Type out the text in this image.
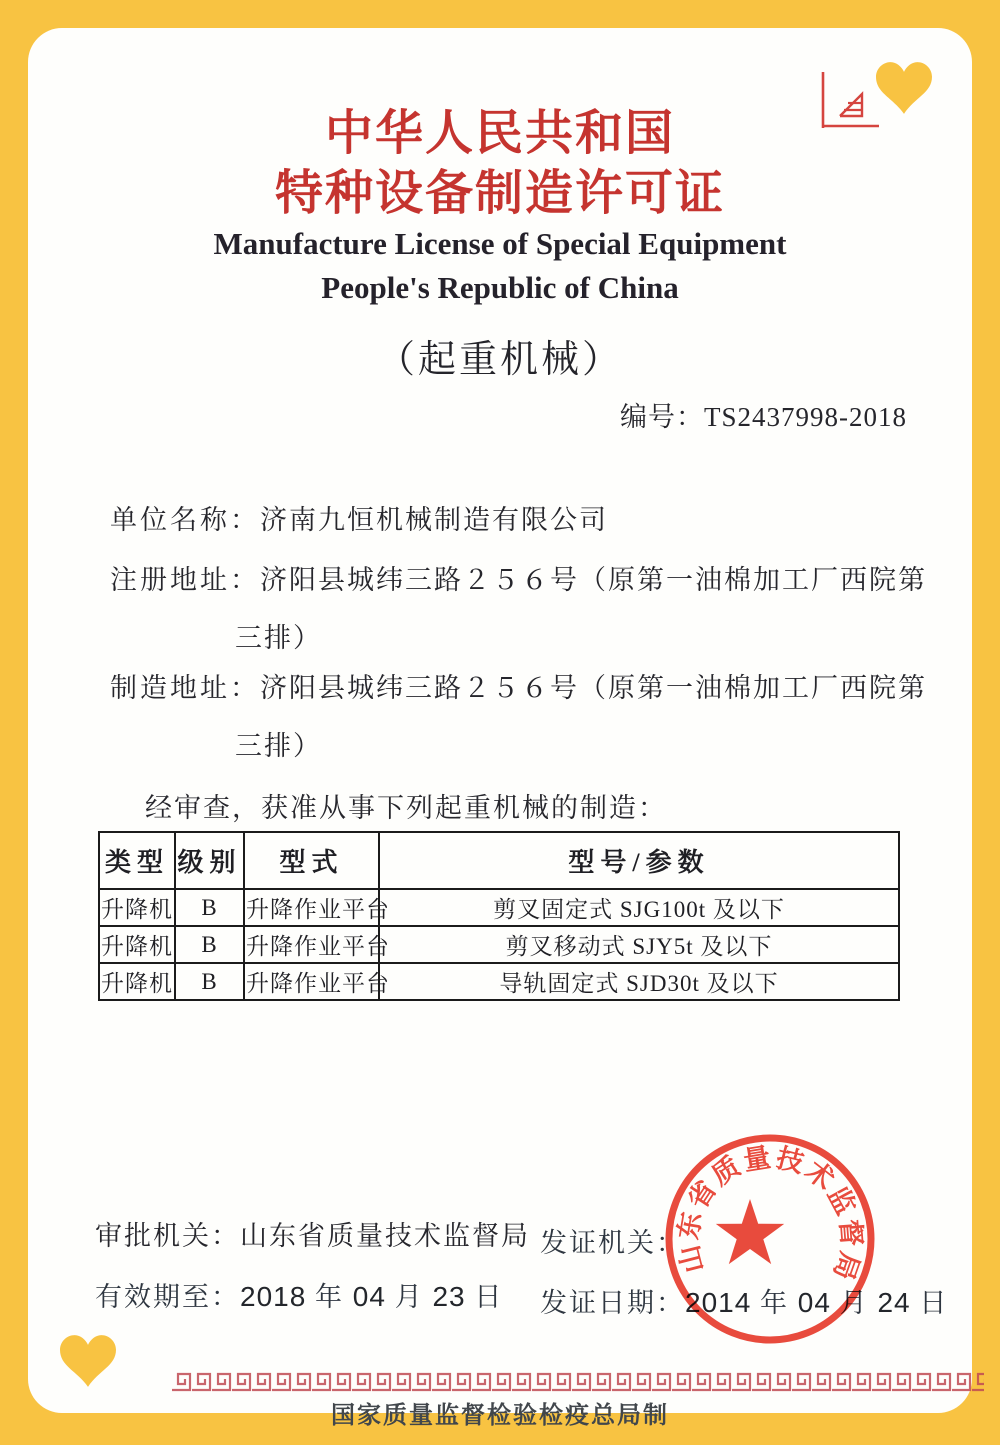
中华人民共和国
特种设备制造许可证
Manufacture License of Special Equipment
People's Republic of China
（起重机械）
编号：TS2437998-2018
单位名称：济南九恒机械制造有限公司
注册地址：济阳县城纬三路２５６号（原第一油棉加工厂西院第
三排）
制造地址：济阳县城纬三路２５６号（原第一油棉加工厂西院第
三排）
经审查，获准从事下列起重机械的制造：
类型	级别	型式	型号/参数
升降机	B	升降作业平台	剪叉固定式 SJG100t 及以下
升降机	B	升降作业平台	剪叉移动式 SJY5t 及以下
升降机	B	升降作业平台	导轨固定式 SJD30t 及以下
审批机关：山东省质量技术监督局 发证机关：
有效期至：2018 年 04 月 23 日 发证日期：2014 年 04 月 24 日
山东省质量技术监督局
国家质量监督检验检疫总局制
